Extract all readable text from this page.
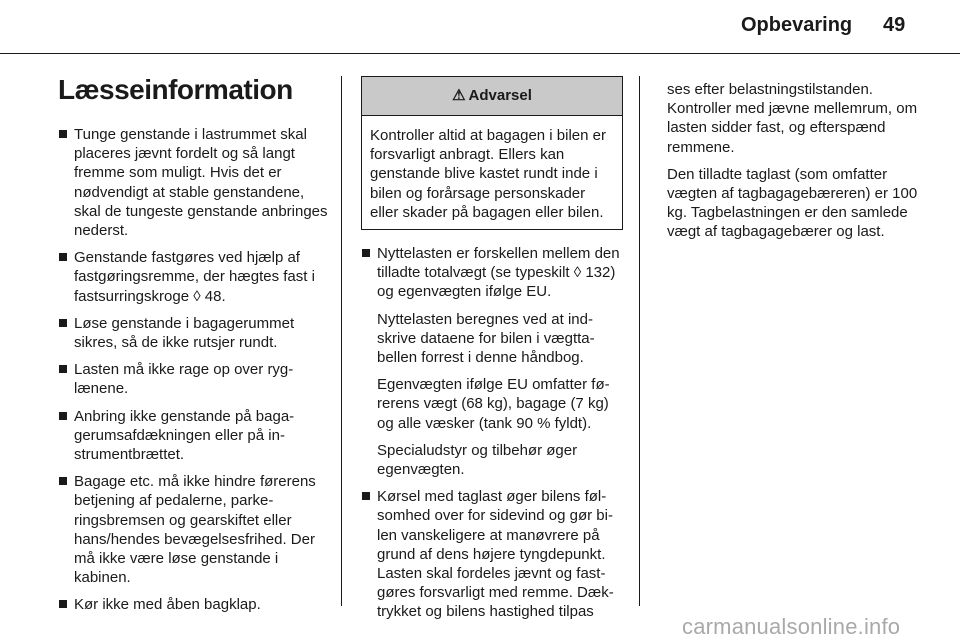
Opbevaring 49
Læsseinformation
Tunge genstande i lastrummet skal placeres jævnt fordelt og så langt fremme som muligt. Hvis det er nødvendigt at stable genstandene, skal de tungeste genstande anbringes nederst.
Genstande fastgøres ved hjælp af fastgøringsremme, der hægtes fast i fastsurringskroge ◊ 48.
Løse genstande i bagagerummet sikres, så de ikke rutsjer rundt.
Lasten må ikke rage op over ryglænene.
Anbring ikke genstande på bagagerumsafdækningen eller på instrumentbrættet.
Bagage etc. må ikke hindre førerens betjening af pedalerne, parkeringsbremsen og gearskiftet eller hans/hendes bevægelsesfrihed. Der må ikke være løse genstande i kabinen.
Kør ikke med åben bagklap.
⚠ Advarsel
Kontroller altid at bagagen i bilen er forsvarligt anbragt. Ellers kan genstande blive kastet rundt inde i bilen og forårsage personskader eller skader på bagagen eller bilen.
Nyttelasten er forskellen mellem den tilladte totalvægt (se typeskilt ◊ 132) og egenvægten ifølge EU.
Nyttelasten beregnes ved at indskrive dataene for bilen i vægttabellen forrest i denne håndbog.
Egenvægten ifølge EU omfatter førerens vægt (68 kg), bagage (7 kg) og alle væsker (tank 90 % fyldt).
Specialudstyr og tilbehør øger egenvægten.
Kørsel med taglast øger bilens følsomhed over for sidevind og gør bilen vanskeligere at manøvrere på grund af dens højere tyngdepunkt. Lasten skal fordeles jævnt og fastgøres forsvarligt med remme. Dæktrykket og bilens hastighed tilpas
ses efter belastningstilstanden. Kontroller med jævne mellemrum, om lasten sidder fast, og efterspænd remmene.
Den tilladte taglast (som omfatter vægten af tagbagagebæreren) er 100 kg. Tagbelastningen er den samlede vægt af tagbagagebærer og last.
carmanualsonline.info
